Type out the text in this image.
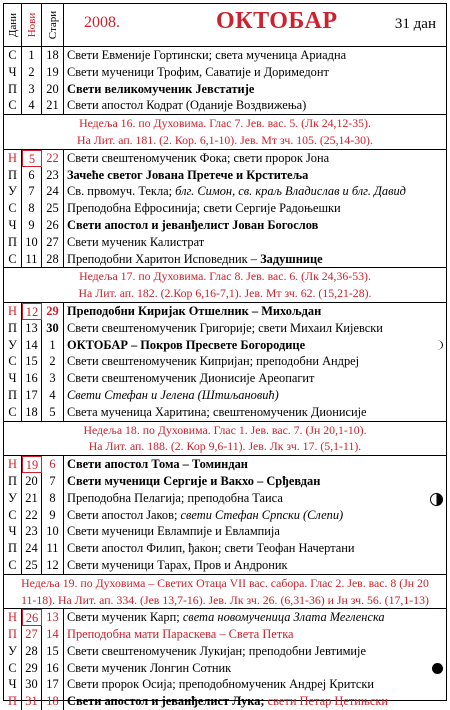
Дани Нови Стари 2008.	ОКТОБАР	31 дан
С 1 18 Свети Евменије Гортински; света мученица Ариадна
Ч 2 19 Свети мученици Трофим, Саватије и Доримедонт
П 3 20 Свети великомученик Јевстатије
С 4 21 Свети апостол Кодрат (Оданије Воздвижења)
Недеља 16. по Духовима. Глас 7. Јев. вас. 5. (Лк 24,12-35).
На Лит. ап. 181. (2. Кор. 6,1-10). Јев. Мт зч. 105. (25,14-30).
Н 5 22 Свети свештеномученик Фока; свети пророк Јона
П 6 23 Зачеће светог Јована Претече и Крститеља
У 7 24 Св. првомуч. Текла; блг. Симон, св. краљ Владислав и блг. Давид
С 8 25 Преподобна Ефросинија; свети Сергије Радоњешки
Ч 9 26 Свети апостол и јеванђелист Јован Богослов
П 10 27 Свети мученик Калистрат
С 11 28 Преподобни Харитон Исповедник – Задушнице
Недеља 17. по Духовима. Глас 8. Јев. вас. 6. (Лк 24,36-53).
На Лит. ап. 182. (2.Кор 6,16-7,1). Јев. Мт зч. 62. (15,21-28).
Н 12 29 Преподобни Киријак Отшелник – Михољдан
П 13 30 Свети свештеномученик Григорије; свети Михаил Кијевски
У 14 1 ОКТОБАР – Покров Пресвете Богородице
С 15 2 Свети свештеномученик Кипријан; преподобни Андреј
Ч 16 3 Свети свештеномученик Дионисије Ареопагит
П 17 4 Свети Стефан и Јелена (Штиљановић)
С 18 5 Света мученица Харитина; свештеномученик Дионисије
Недеља 18. по Духовима. Глас 1. Јев. вас. 7. (Јн 20,1-10).
На Лит. ап. 188. (2. Кор 9,6-11). Јев. Лк зч. 17. (5,1-11).
Н 19 6 Свети апостол Тома – Томиндан
П 20 7 Свети мученици Сергије и Вакхо – Срђевдан
У 21 8 Преподобна Пелагија; преподобна Таиса
С 22 9 Свети апостол Јаков; свети Стефан Српски (Слепи)
Ч 23 10 Свети мученици Евлампије и Евлампија
П 24 11 Свети апостол Филип, ђакон; свети Теофан Начертани
С 25 12 Свети мученици Тарах, Пров и Андроник
Недеља 19. по Духовима – Светих Отаца VII вас. сабора. Глас 2. Јев. вас. 8 (Јн 20
11-18). На Лит. ап. 334. (Јев 13,7-16). Јев. Лк зч. 26. (6,31-36) и Јн зч. 56. (17,1-13)
Н 26 13 Свети мученик Карп; света новомученица Злата Мегленска
П 27 14 Преподобна мати Параскева – Света Петка
У 28 15 Свети свештеномученик Лукијан; преподобни Јевтимије
С 29 16 Свети мученик Лонгин Сотник
Ч 30 17 Свети пророк Осија; преподобномученик Андреј Критски
П 31 18 Свети апостол и јеванђелист Лука; свети Петар Цетињски
